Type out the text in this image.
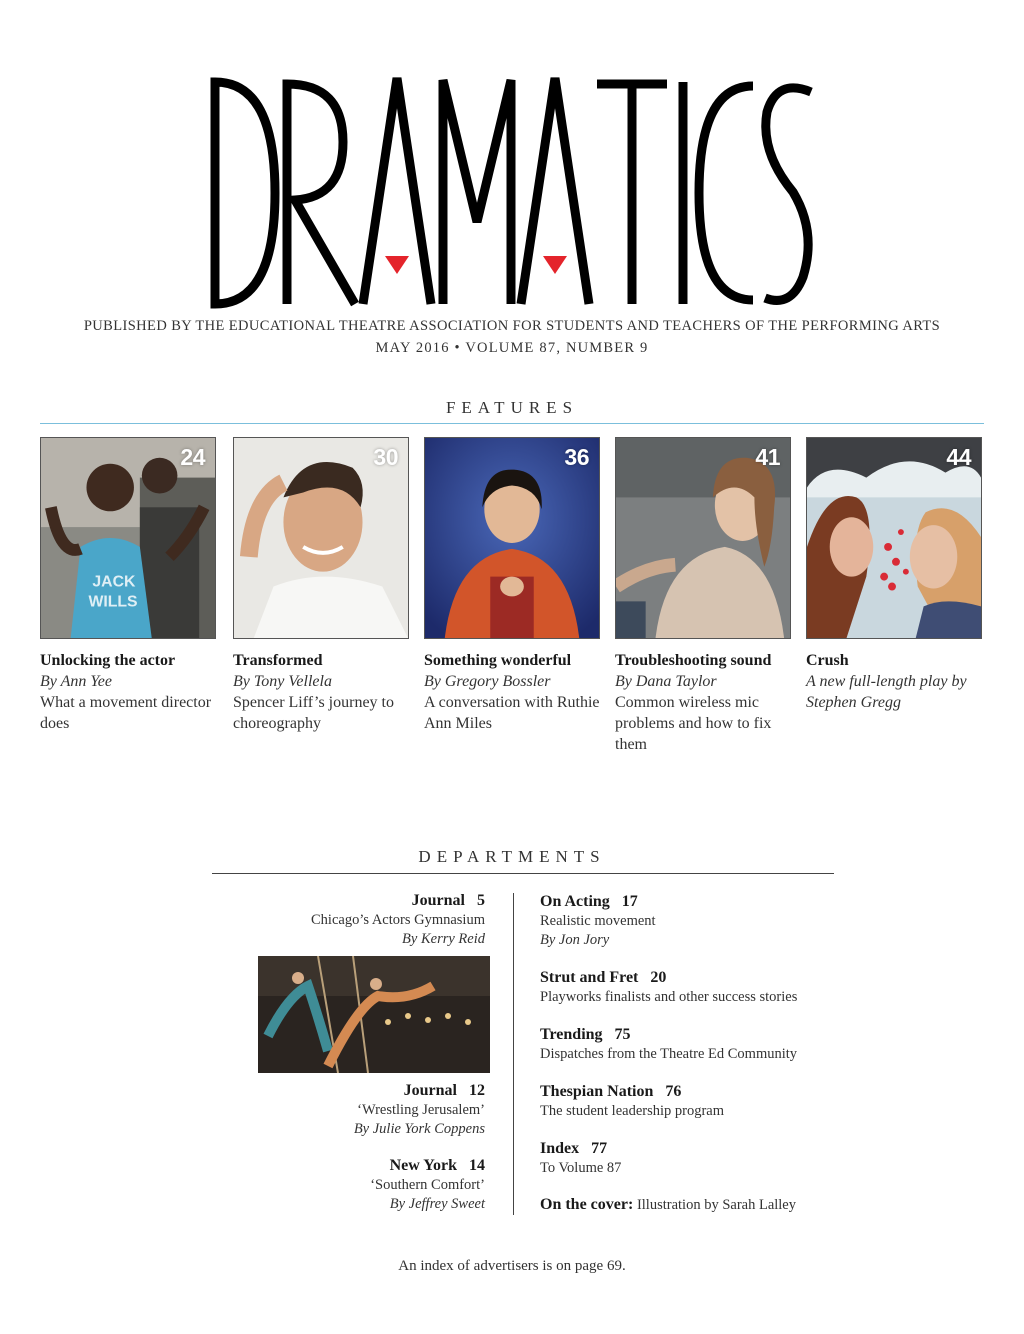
PUBLISHED BY THE EDUCATIONAL THEATRE ASSOCIATION FOR STUDENTS AND TEACHERS OF THE PERFORMING ARTS
MAY 2016 • VOLUME 87, NUMBER 9
FEATURES
JACK
WILLS
24
Unlocking the actor
By Ann Yee
What a movement director does
30
Transformed
By Tony Vellela
Spencer Liff’s journey to choreography
36
Something wonderful
By Gregory Bossler
A conversation with Ruthie Ann Miles
41
Troubleshooting sound
By Dana Taylor
Common wireless mic problems and how to fix them
44
Crush
A new full-length play by Stephen Gregg
DEPARTMENTS
Journal 5
Chicago’s Actors Gymnasium
By Kerry Reid
Journal 12
‘Wrestling Jerusalem’
By Julie York Coppens
New York 14
‘Southern Comfort’
By Jeffrey Sweet
On Acting 17
Realistic movement
By Jon Jory
Strut and Fret 20
Playworks finalists and other success stories
Trending 75
Dispatches from the Theatre Ed Community
Thespian Nation 76
The student leadership program
Index 77
To Volume 87
On the cover: Illustration by Sarah Lalley
An index of advertisers is on page 69.
